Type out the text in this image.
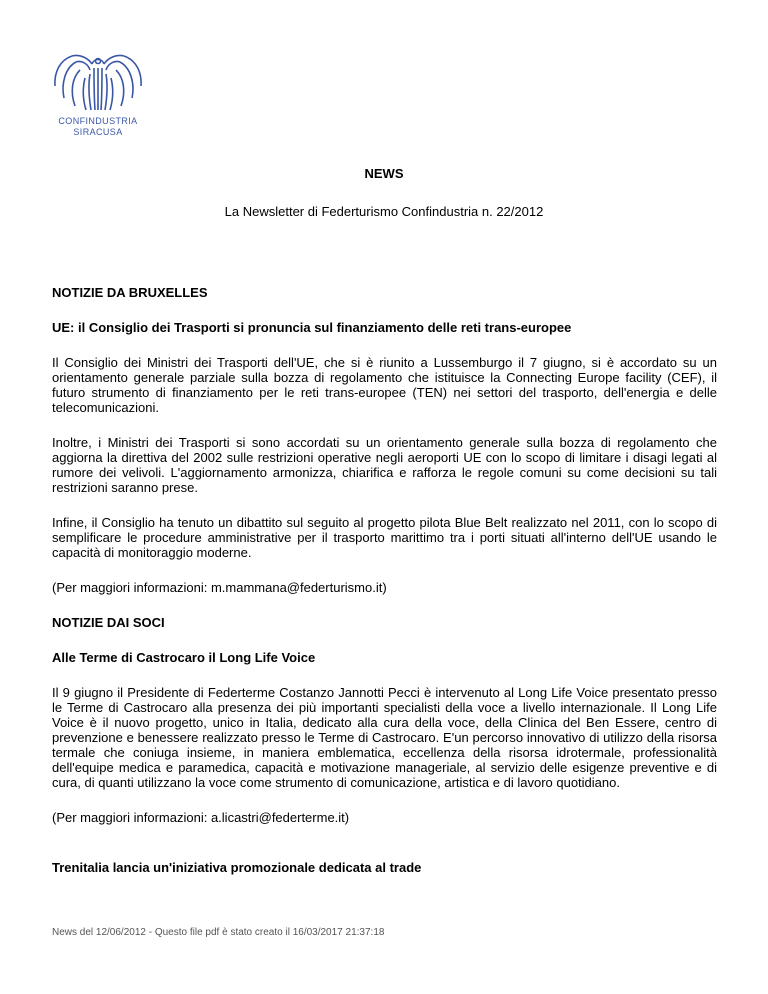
CONFINDUSTRIA
SIRACUSA
NEWS
La Newsletter di Federturismo Confindustria n. 22/2012

NOTIZIE DA BRUXELLES

UE: il Consiglio dei Trasporti si pronuncia sul finanziamento delle reti trans-europee

Il Consiglio dei Ministri dei Trasporti dell'UE, che si è riunito a Lussemburgo il 7 giugno, si è accordato su un orientamento generale parziale sulla bozza di regolamento che istituisce la Connecting Europe facility (CEF), il futuro strumento di finanziamento per le reti trans-europee (TEN) nei settori del trasporto, dell'energia e delle telecomunicazioni.

Inoltre, i Ministri dei Trasporti si sono accordati su un orientamento generale sulla bozza di regolamento che aggiorna la direttiva del 2002 sulle restrizioni operative negli aeroporti UE con lo scopo di limitare i disagi legati al rumore dei velivoli. L'aggiornamento armonizza, chiarifica e rafforza le regole comuni su come decisioni su tali restrizioni saranno prese.

Infine, il Consiglio ha tenuto un dibattito sul seguito al progetto pilota Blue Belt realizzato nel 2011, con lo scopo di semplificare le procedure amministrative per il trasporto marittimo tra i porti situati all'interno dell'UE usando le capacità di monitoraggio moderne.

(Per maggiori informazioni: m.mammana@federturismo.it)

NOTIZIE DAI SOCI

Alle Terme di Castrocaro il Long Life Voice

Il 9 giugno il Presidente di Federterme Costanzo Jannotti Pecci è intervenuto al Long Life Voice presentato presso le Terme di Castrocaro alla presenza dei più importanti specialisti della voce a livello internazionale. Il Long Life Voice è il nuovo progetto, unico in Italia, dedicato alla cura della voce, della Clinica del Ben Essere, centro di prevenzione e benessere realizzato presso le Terme di Castrocaro. E'un percorso innovativo di utilizzo della risorsa termale che coniuga insieme, in maniera emblematica, eccellenza della risorsa idrotermale, professionalità dell'equipe medica e paramedica, capacità e motivazione manageriale, al servizio delle esigenze preventive e di cura, di quanti utilizzano la voce come strumento di comunicazione, artistica e di lavoro quotidiano.

(Per maggiori informazioni: a.licastri@federterme.it)

Trenitalia lancia un'iniziativa promozionale dedicata al trade

News del 12/06/2012 - Questo file pdf è stato creato il 16/03/2017 21:37:18
